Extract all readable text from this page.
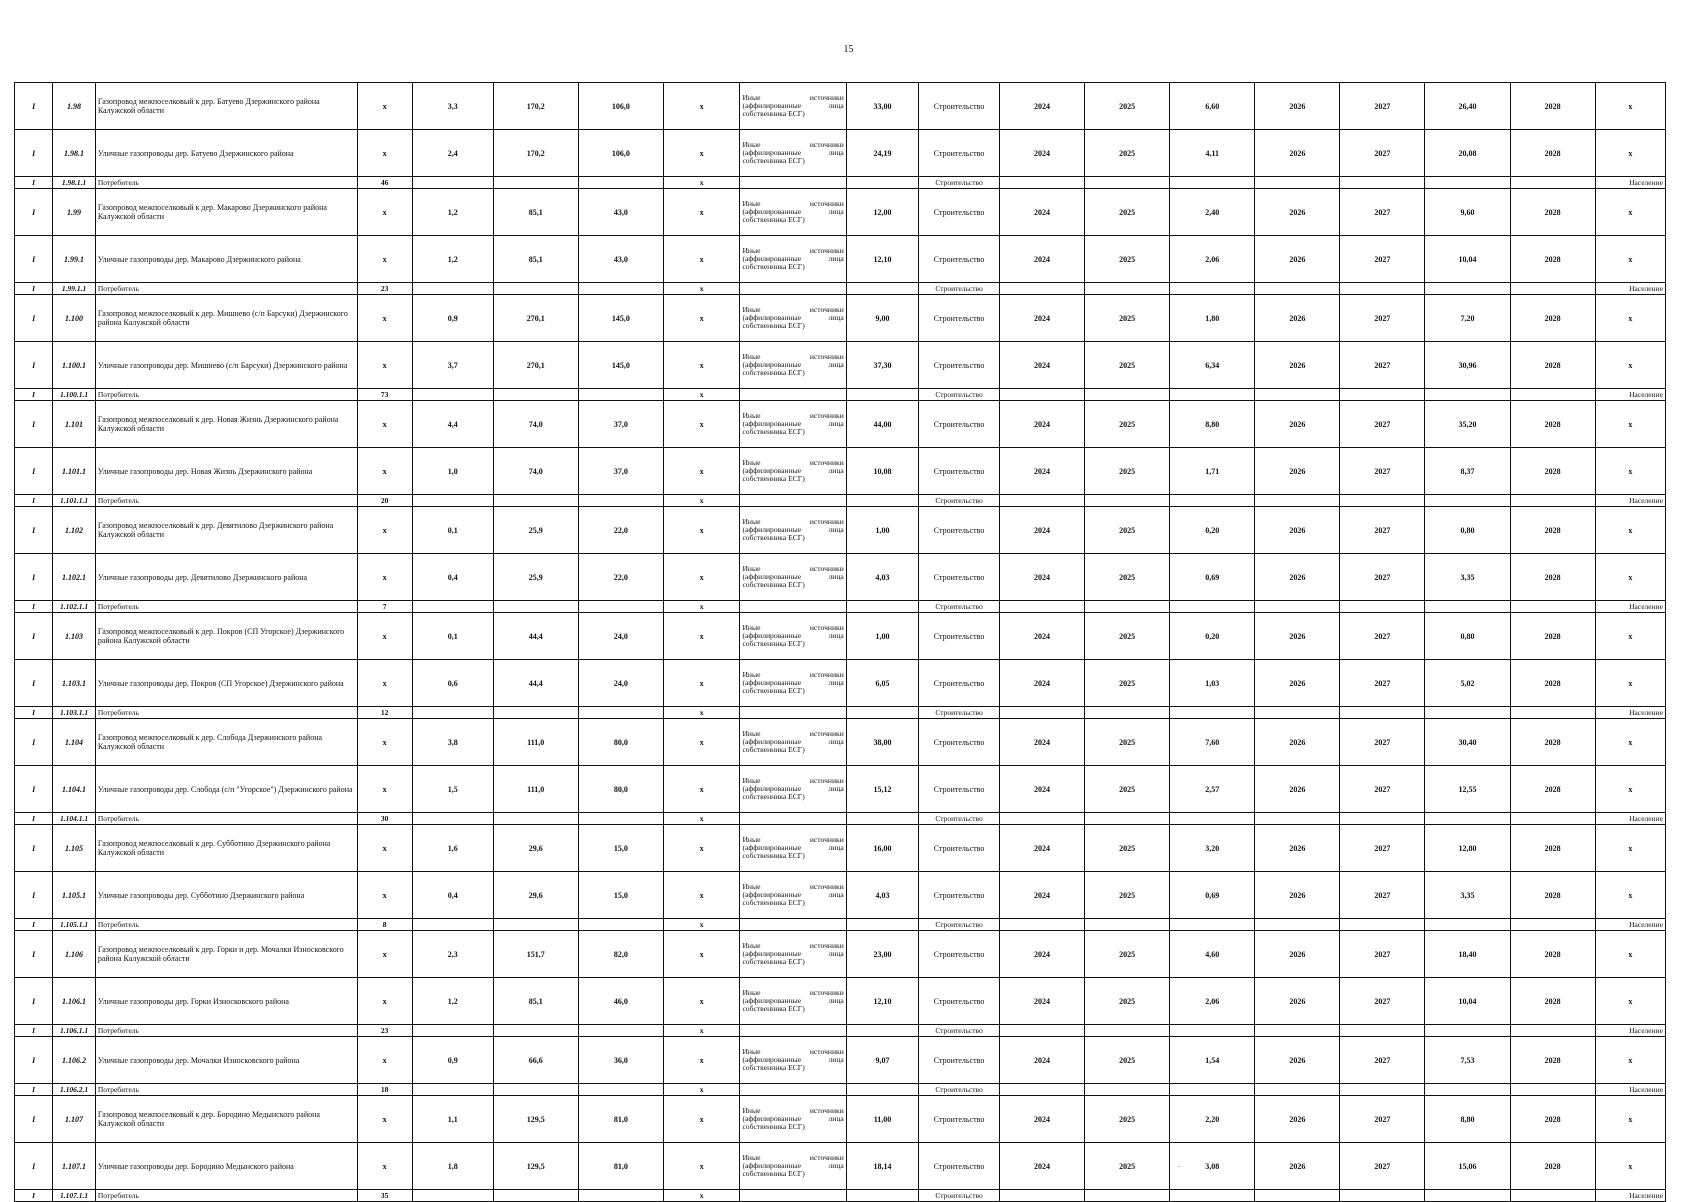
15
I	1.98	Газопровод межпоселковый к дер. Батуево Дзержинского района Калужской области	x	3,3	170,2	106,0	x	Иные источники (аффилированные лица собственника ЕСГ)	33,00	Строительство	2024	2025	6,60	2026	2027	26,40	2028	x
I	1.98.1	Уличные газопроводы дер. Батуево Дзержинского района	x	2,4	170,2	106,0	x	Иные источники (аффилированные лица собственника ЕСГ)	24,19	Строительство	2024	2025	4,11	2026	2027	20,08	2028	x
I	1.98.1.1	Потребитель	46				x			Строительство								Население
I	1.99	Газопровод межпоселковый к дер. Макарово Дзержинского района Калужской области	x	1,2	85,1	43,0	x	Иные источники (аффилированные лица собственника ЕСГ)	12,00	Строительство	2024	2025	2,40	2026	2027	9,60	2028	x
I	1.99.1	Уличные газопроводы дер. Макарово Дзержинского района	x	1,2	85,1	43,0	x	Иные источники (аффилированные лица собственника ЕСГ)	12,10	Строительство	2024	2025	2,06	2026	2027	10,04	2028	x
I	1.99.1.1	Потребитель	23				x			Строительство								Население
I	1.100	Газопровод межпоселковый к дер. Мишнево (с/п Барсуки) Дзержинского района Калужской области	x	0,9	270,1	145,0	x	Иные источники (аффилированные лица собственника ЕСГ)	9,00	Строительство	2024	2025	1,80	2026	2027	7,20	2028	x
I	1.100.1	Уличные газопроводы дер. Мишнево (с/п Барсуки) Дзержинского района	x	3,7	270,1	145,0	x	Иные источники (аффилированные лица собственника ЕСГ)	37,30	Строительство	2024	2025	6,34	2026	2027	30,96	2028	x
I	1.100.1.1	Потребитель	73				x			Строительство								Население
I	1.101	Газопровод межпоселковый к дер. Новая Жизнь Дзержинского района Калужской области	x	4,4	74,0	37,0	x	Иные источники (аффилированные лица собственника ЕСГ)	44,00	Строительство	2024	2025	8,80	2026	2027	35,20	2028	x
I	1.101.1	Уличные газопроводы дер. Новая Жизнь Дзержинского района	x	1,0	74,0	37,0	x	Иные источники (аффилированные лица собственника ЕСГ)	10,08	Строительство	2024	2025	1,71	2026	2027	8,37	2028	x
I	1.101.1.1	Потребитель	20				x			Строительство								Население
I	1.102	Газопровод межпоселковый к дер. Девятилово Дзержинского района Калужской области	x	0,1	25,9	22,0	x	Иные источники (аффилированные лица собственника ЕСГ)	1,00	Строительство	2024	2025	0,20	2026	2027	0,80	2028	x
I	1.102.1	Уличные газопроводы дер. Девятилово Дзержинского района	x	0,4	25,9	22,0	x	Иные источники (аффилированные лица собственника ЕСГ)	4,03	Строительство	2024	2025	0,69	2026	2027	3,35	2028	x
I	1.102.1.1	Потребитель	7				x			Строительство								Население
I	1.103	Газопровод межпоселковый к дер. Покров (СП Угорское) Дзержинского района Калужской области	x	0,1	44,4	24,0	x	Иные источники (аффилированные лица собственника ЕСГ)	1,00	Строительство	2024	2025	0,20	2026	2027	0,80	2028	x
I	1.103.1	Уличные газопроводы дер. Покров (СП Угорское) Дзержинского района	x	0,6	44,4	24,0	x	Иные источники (аффилированные лица собственника ЕСГ)	6,05	Строительство	2024	2025	1,03	2026	2027	5,02	2028	x
I	1.103.1.1	Потребитель	12				x			Строительство								Население
I	1.104	Газопровод межпоселковый к дер. Слобода Дзержинского района Калужской области	x	3,8	111,0	80,0	x	Иные источники (аффилированные лица собственника ЕСГ)	38,00	Строительство	2024	2025	7,60	2026	2027	30,40	2028	x
I	1.104.1	Уличные газопроводы дер. Слобода (с/п "Угорское") Дзержинского района	x	1,5	111,0	80,0	x	Иные источники (аффилированные лица собственника ЕСГ)	15,12	Строительство	2024	2025	2,57	2026	2027	12,55	2028	x
I	1.104.1.1	Потребитель	30				x			Строительство								Население
I	1.105	Газопровод межпоселковый к дер. Субботино Дзержинского района Калужской области	x	1,6	29,6	15,0	x	Иные источники (аффилированные лица собственника ЕСГ)	16,00	Строительство	2024	2025	3,20	2026	2027	12,80	2028	x
I	1.105.1	Уличные газопроводы дер. Субботино Дзержинского района	x	0,4	29,6	15,0	x	Иные источники (аффилированные лица собственника ЕСГ)	4,03	Строительство	2024	2025	0,69	2026	2027	3,35	2028	x
I	1.105.1.1	Потребитель	8				x			Строительство								Население
I	1.106	Газопровод межпоселковый к дер. Горки и дер. Мочалки Износковского района Калужской области	x	2,3	151,7	82,0	x	Иные источники (аффилированные лица собственника ЕСГ)	23,00	Строительство	2024	2025	4,60	2026	2027	18,40	2028	x
I	1.106.1	Уличные газопроводы дер. Горки Износковского района	x	1,2	85,1	46,0	x	Иные источники (аффилированные лица собственника ЕСГ)	12,10	Строительство	2024	2025	2,06	2026	2027	10,04	2028	x
I	1.106.1.1	Потребитель	23				x			Строительство								Население
I	1.106.2	Уличные газопроводы дер. Мочалки Износковского района	x	0,9	66,6	36,0	x	Иные источники (аффилированные лица собственника ЕСГ)	9,07	Строительство	2024	2025	1,54	2026	2027	7,53	2028	x
I	1.106.2.1	Потребитель	18				x			Строительство								Население
I	1.107	Газопровод межпоселковый к дер. Бородино Медынского района Калужской области	x	1,1	129,5	81,0	x	Иные источники (аффилированные лица собственника ЕСГ)	11,00	Строительство	2024	2025	2,20	2026	2027	8,80	2028	x
I	1.107.1	Уличные газопроводы дер. Бородино Медынского района	x	1,8	129,5	81,0	x	Иные источники (аффилированные лица собственника ЕСГ)	18,14	Строительство	2024	2025	3,08	2026	2027	15,06	2028	x
I	1.107.1.1	Потребитель	35				x			Строительство								Население
.
